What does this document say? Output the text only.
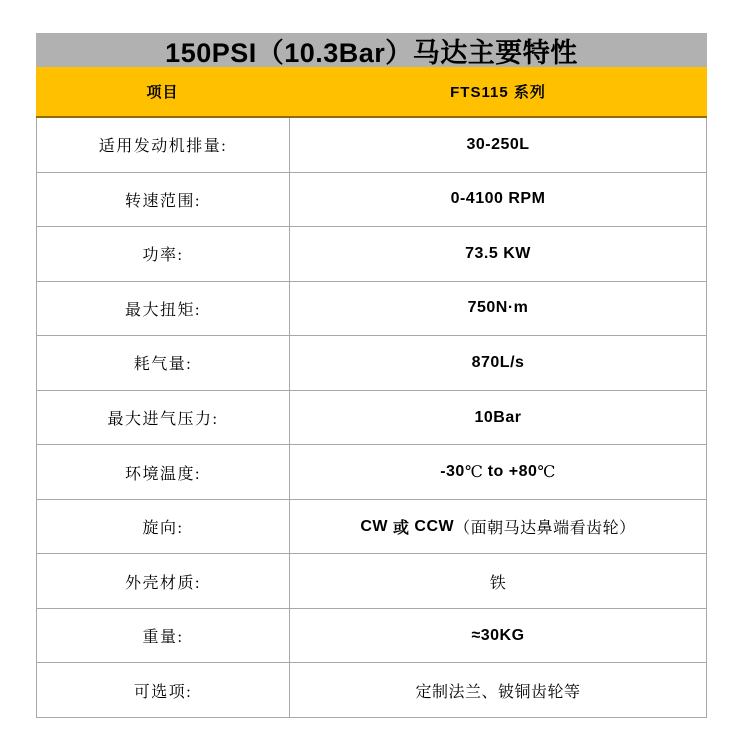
150PSI（10.3Bar）马达主要特性
项目	FTS115 系列
适用发动机排量:	30-250L
转速范围:	0-4100 RPM
功率:	73.5 KW
最大扭矩:	750N·m
耗气量:	870L/s
最大进气压力:	10Bar
环境温度:	-30 ℃ to +80 ℃
旋向:	CW 或 CCW （面朝马达鼻端看齿轮）
外壳材质:	铁
重量:	≈30KG
可选项:	定制法兰、铍铜齿轮等
